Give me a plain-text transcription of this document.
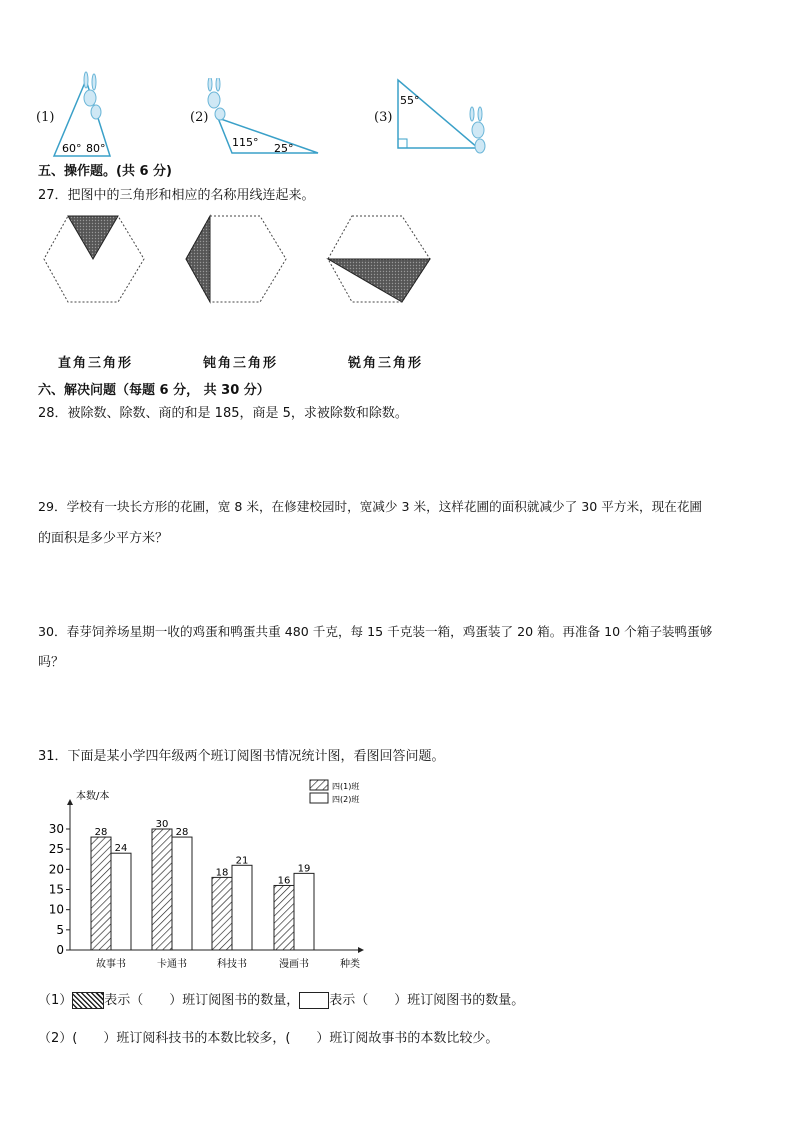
(1)
60° 80°
(2)
115° 25°
(3)
55°
五、操作题。(共 6 分)
27．把图中的三角形和相应的名称用线连起来。
直角三角形	钝角三角形	锐角三角形
六、解决问题（每题 6 分， 共 30 分）
28．被除数、除数、商的和是 185，商是 5，求被除数和除数。
29．学校有一块长方形的花圃，宽 8 米，在修建校园时，宽减少 3 米，这样花圃的面积就减少了 30 平方米，现在花圃
的面积是多少平方米？
30．春芽饲养场星期一收的鸡蛋和鸭蛋共重 480 千克，每 15 千克装一箱，鸡蛋装了 20 箱。再准备 10 个箱子装鸭蛋够
吗？
31．下面是某小学四年级两个班订阅图书情况统计图，看图回答问题。
本数/本
种类
0
5
10
15
20
25
30	28
24
故事书
30
28
卡通书
18
21
科技书
16
19
漫画书
四(1)班
四(2)班
（1） 表示（　　）班订阅图书的数量， 表示（　　）班订阅图书的数量。
（2）(　　）班订阅科技书的本数比较多，(　　）班订阅故事书的本数比较少。
